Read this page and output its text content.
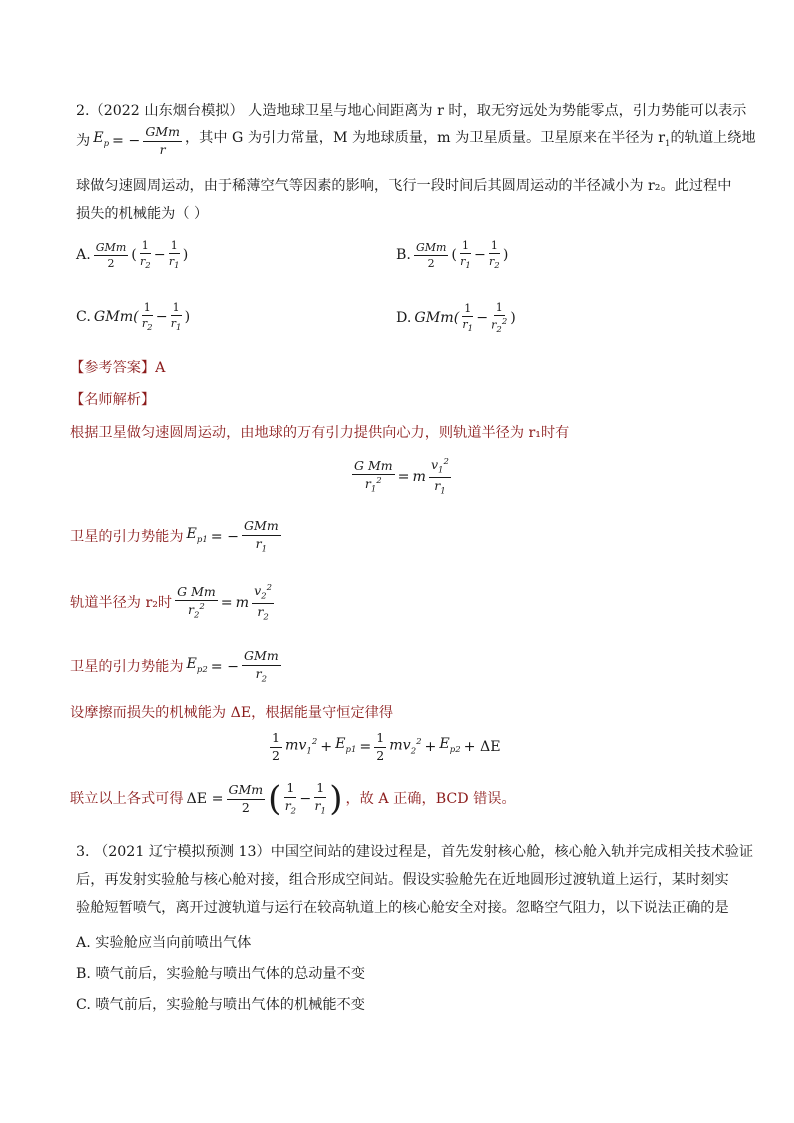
2.（2022 山东烟台模拟） 人造地球卫星与地心间距离为 r 时，取无穷远处为势能零点，引力势能可以表示
为 $E_p$ = − $\frac{\text{GMm}}{r}$ ，其中 G 为引力常量，M 为地球质量，m 为卫星质量。卫星原来在半径为 $r_1$的轨道上绕地
球做匀速圆周运动，由于稀薄空气等因素的影响，飞行一段时间后其圆周运动的半径减小为 r₂。此过程中
损失的机械能为（ ）
A. $\frac{\text{GMm}}{2}$ ( $\frac{1}{r_2} - \frac{1}{r_1}$ )	B. $\frac{\text{GMm}}{2}$ ( $\frac{1}{r_1} - \frac{1}{r_2}$ )
C. $GMm( \frac{1}{r_2} - \frac{1}{r_1}$ )	D. $GMm( \frac{1}{r_1} - \frac{1}{r_2^2}$ )
【参考答案】A
【名师解析】
根据卫星做匀速圆周运动，由地球的万有引力提供向心力，则轨道半径为 r₁时有
$\frac{\text{G Mm}}{r_1^2} = m \frac{v_1^2}{r_1}$
卫星的引力势能为 $E_{p1}$ = − $\frac{\text{GMm}}{r_1}$
轨道半径为 r₂时 $\frac{\text{G Mm}}{r_2^2} = m \frac{v_2^2}{r_2}$
卫星的引力势能为 $E_{p2}$ = − $\frac{\text{GMm}}{r_2}$
设摩擦而损失的机械能为 ΔE，根据能量守恒定律得
$\frac{1}{2} mv_1^2 + E_{p1} = \frac{1}{2} mv_2^2 + E_{p2} + \Delta E$
联立以上各式可得 $\Delta E = \frac{\text{GMm}}{2}$ ( $\frac{1}{r_2} - \frac{1}{r_1}$ ) ，故 A 正确，BCD 错误。
3. （2021 辽宁模拟预测 13）中国空间站的建设过程是，首先发射核心舱，核心舱入轨并完成相关技术验证
后，再发射实验舱与核心舱对接，组合形成空间站。假设实验舱先在近地圆形过渡轨道上运行，某时刻实
验舱短暂喷气，离开过渡轨道与运行在较高轨道上的核心舱安全对接。忽略空气阻力，以下说法正确的是
A. 实验舱应当向前喷出气体
B. 喷气前后，实验舱与喷出气体的总动量不变
C. 喷气前后，实验舱与喷出气体的机械能不变
